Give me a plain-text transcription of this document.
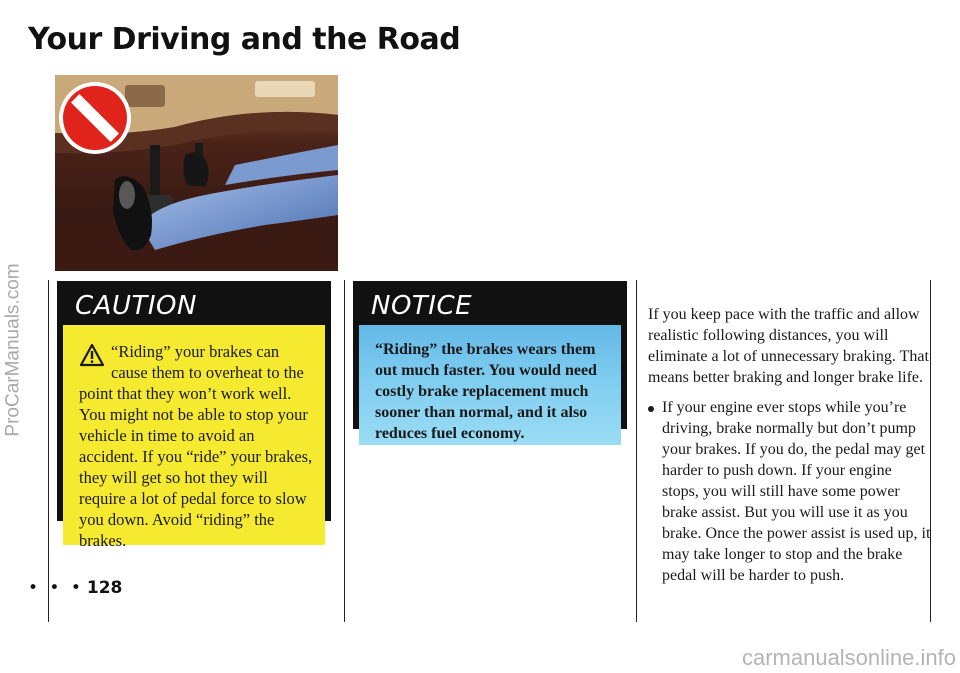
ProCarManuals.com
Your Driving and the Road
CAUTION
“Riding” your brakes can cause them to overheat to the point that they won’t work well. You might not be able to stop your vehicle in time to avoid an accident. If you “ride” your brakes, they will get so hot they will require a lot of pedal force to slow you down. Avoid “riding” the brakes.
NOTICE
“Riding” the brakes wears them out much faster. You would need costly brake replacement much sooner than normal, and it also reduces fuel economy.

If you keep pace with the traffic and allow realistic following distances, you will eliminate a lot of unnecessary braking. That means better braking and longer brake life.

If your engine ever stops while you’re driving, brake normally but don’t pump your brakes. If you do, the pedal may get harder to push down. If your engine stops, you will still have some power brake assist. But you will use it as you brake. Once the power assist is used up, it may take longer to stop and the brake pedal will be harder to push.
• • • 128
carmanualsonline.info
